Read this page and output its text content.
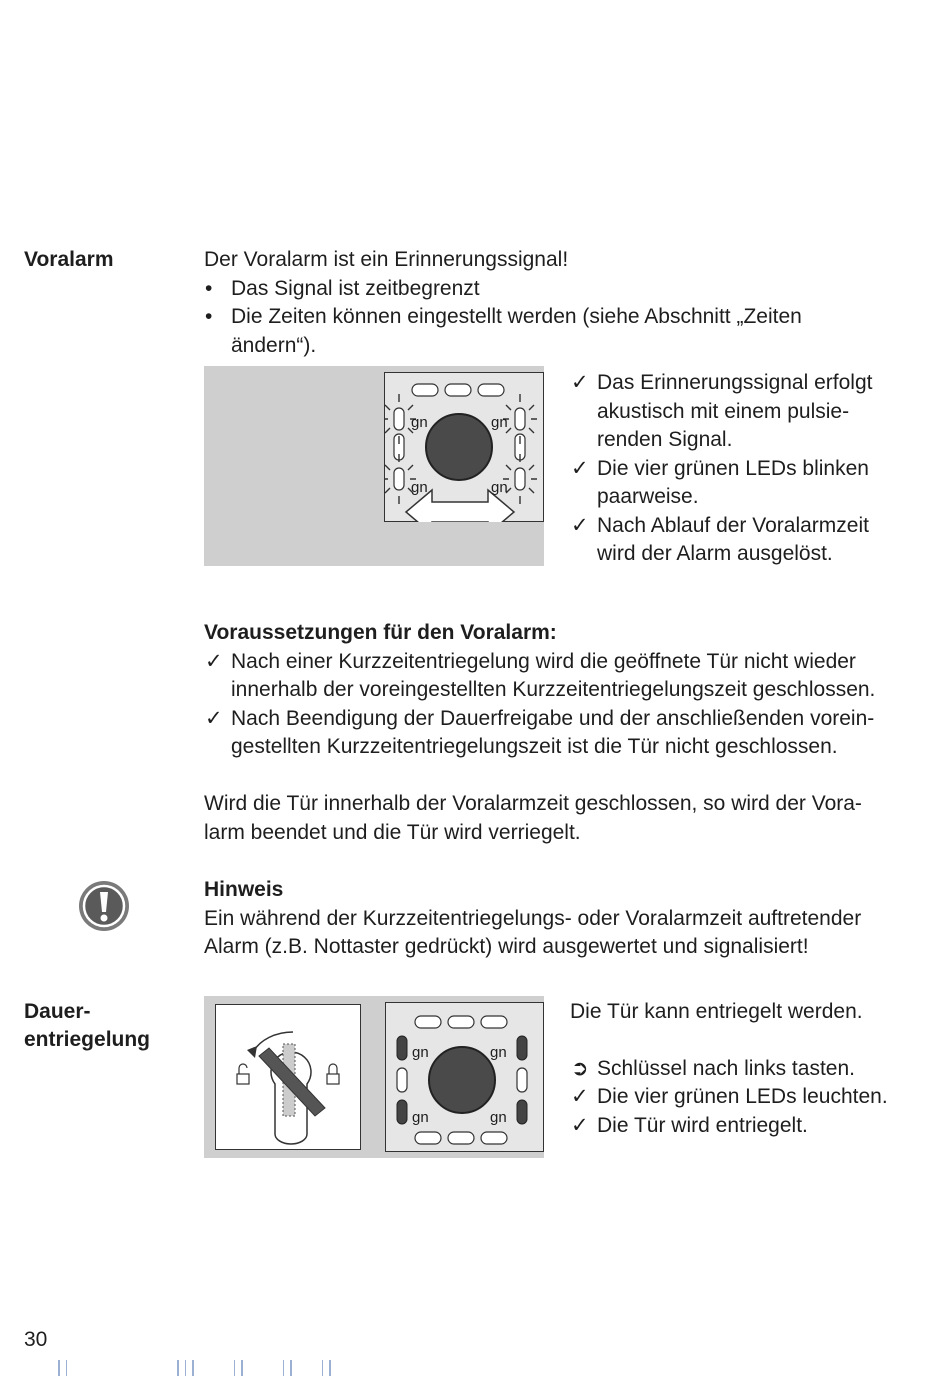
Voralarm	Der Voralarm ist ein Erinnerungssignal!

• Das Signal ist zeitbegrenzt
• Die Zeiten können eingestellt werden (siehe Abschnitt „Zeiten ändern“).
gn	gn
gn	gn
✓ Das Erinnerungssignal erfolgt akustisch mit einem pulsie-renden Signal.
✓ Die vier grünen LEDs blinken paarweise.
✓ Nach Ablauf der Voralarmzeit wird der Alarm ausgelöst.

Voraussetzungen für den Voralarm:

✓ Nach einer Kurzzeitentriegelung wird die geöffnete Tür nicht wieder innerhalb der voreingestellten Kurzzeitentriegelungszeit geschlossen.
✓ Nach Beendigung der Dauerfreigabe und der anschließenden vorein-gestellten Kurzzeitentriegelungszeit ist die Tür nicht geschlossen.

Wird die Tür innerhalb der Voralarmzeit geschlossen, so wird der Vora-larm beendet und die Tür wird verriegelt.

Hinweis

Ein während der Kurzzeitentriegelungs- oder Voralarmzeit auftretender Alarm (z.B. Nottaster gedrückt) wird ausgewertet und signalisiert!

Dauer-
entriegelung
gn	gn
gn	gn

Die Tür kann entriegelt werden.

➲ Schlüssel nach links tasten.
✓ Die vier grünen LEDs leuchten.
✓ Die Tür wird entriegelt.
30
